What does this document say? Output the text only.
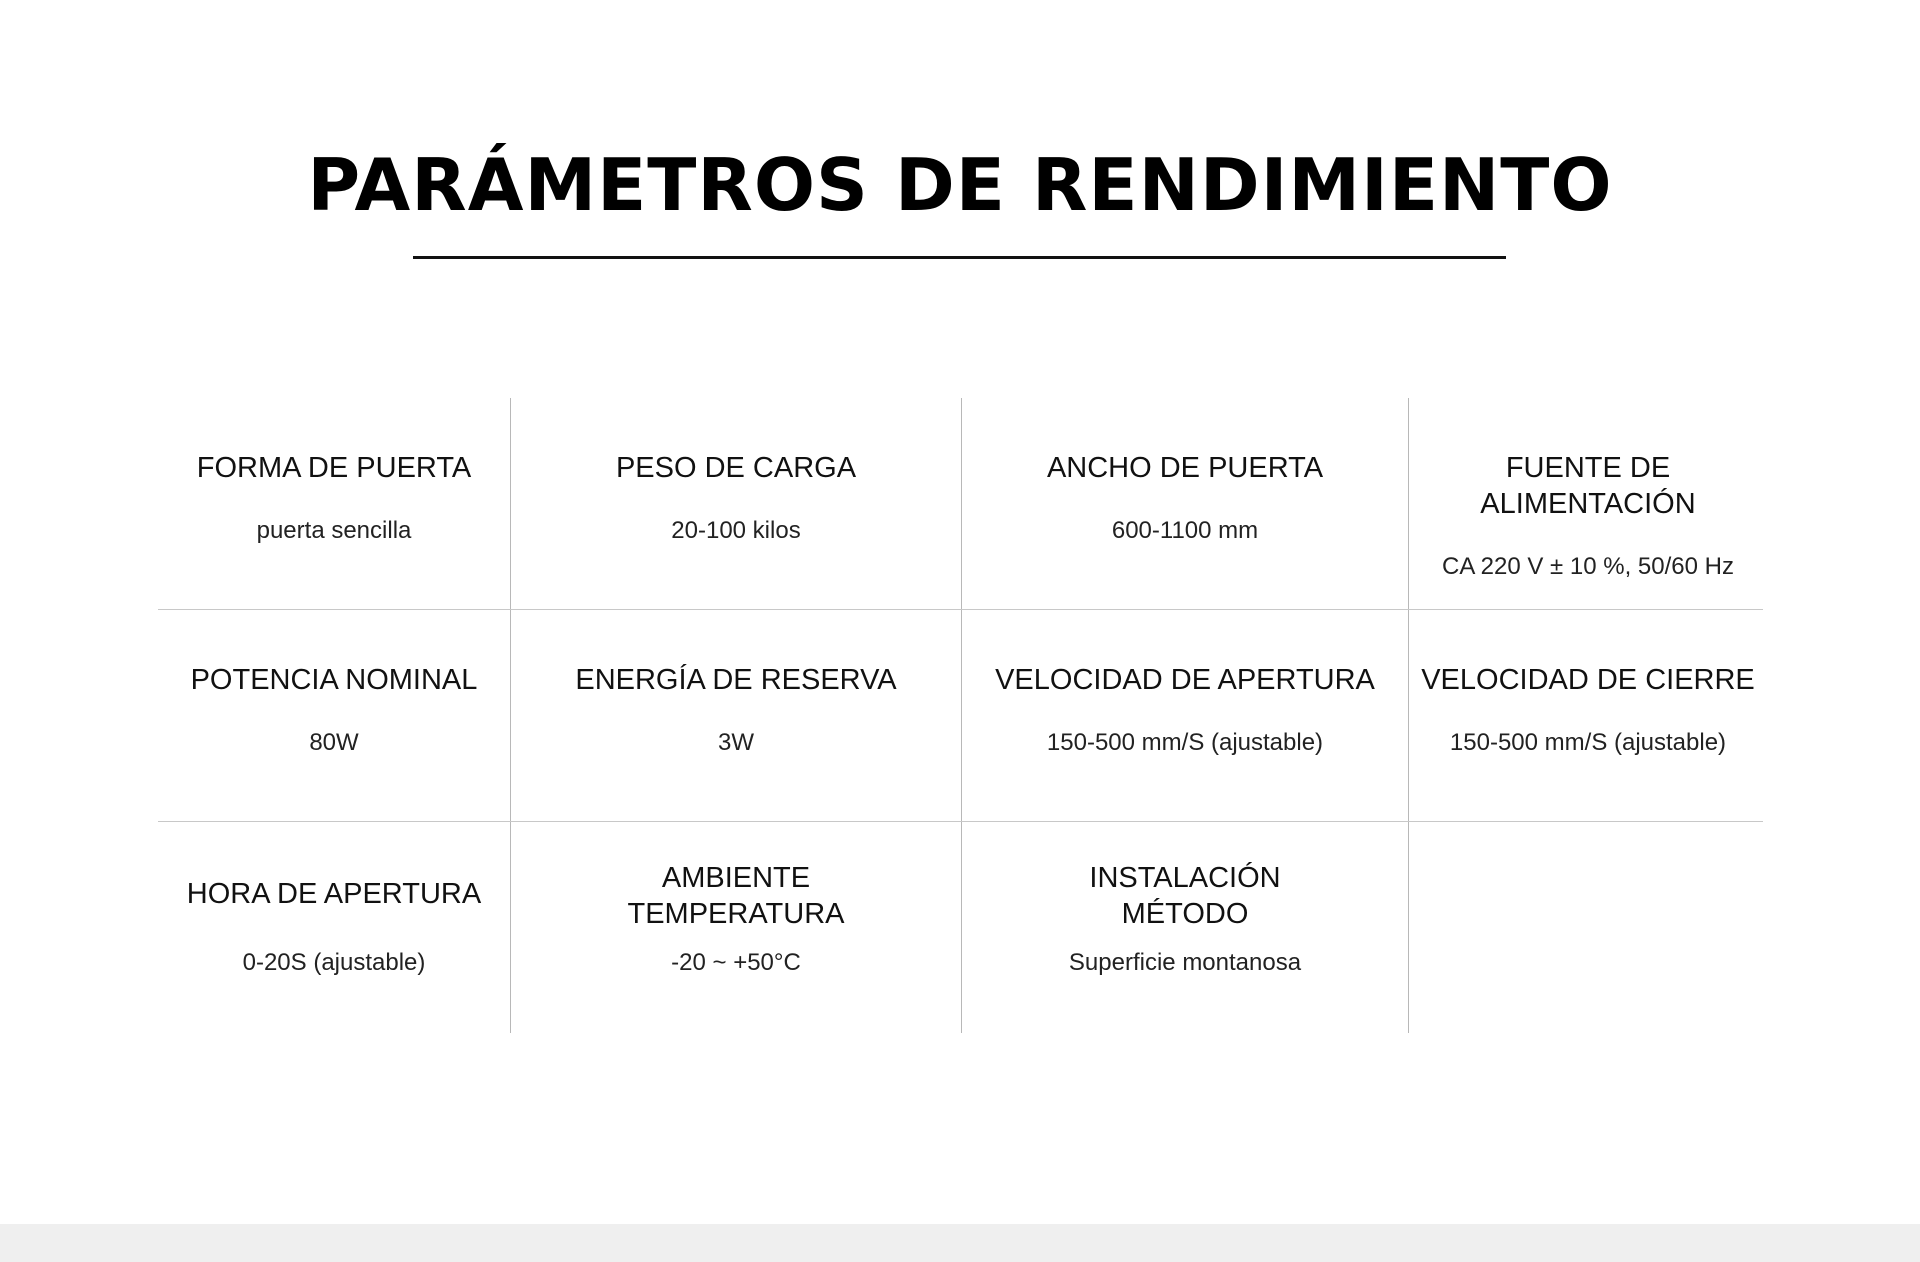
PARÁMETROS DE RENDIMIENTO
FORMA DE PUERTA
puerta sencilla
PESO DE CARGA
20-100 kilos
ANCHO DE PUERTA
600-1100 mm
FUENTE DE ALIMENTACIÓN
CA 220 V ± 10 %, 50/60 Hz
POTENCIA NOMINAL
80W
ENERGÍA DE RESERVA
3W
VELOCIDAD DE APERTURA
150-500 mm/S (ajustable)
VELOCIDAD DE CIERRE
150-500 mm/S (ajustable)
HORA DE APERTURA
0-20S (ajustable)
AMBIENTE
TEMPERATURA
-20 ~ +50°C
INSTALACIÓN
MÉTODO
Superficie montanosa
